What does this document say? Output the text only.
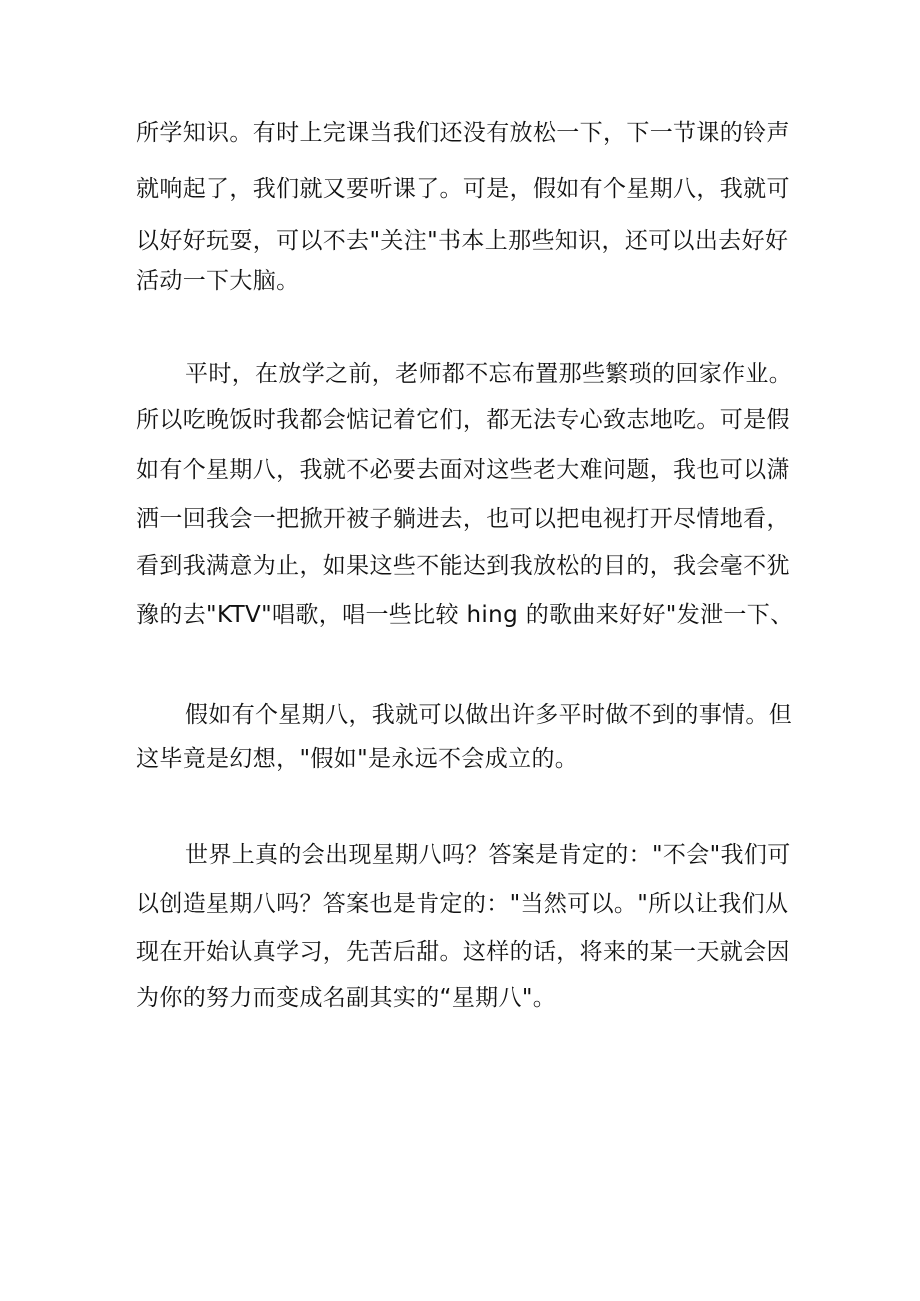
所学知识。有时上完课当我们还没有放松一下，下一节课的铃声
就响起了，我们就又要听课了。可是，假如有个星期八，我就可
以好好玩耍，可以不去"关注"书本上那些知识，还可以出去好好
活动一下大脑。
平时，在放学之前，老师都不忘布置那些繁琐的回家作业。
所以吃晚饭时我都会惦记着它们，都无法专心致志地吃。可是假
如有个星期八，我就不必要去面对这些老大难问题，我也可以潇
洒一回我会一把掀开被子躺进去，也可以把电视打开尽情地看，
看到我满意为止，如果这些不能达到我放松的目的，我会毫不犹
豫的去"KTV"唱歌，唱一些比较 hing 的歌曲来好好"发泄一下、
假如有个星期八，我就可以做出许多平时做不到的事情。但
这毕竟是幻想，"假如"是永远不会成立的。
世界上真的会出现星期八吗？答案是肯定的："不会"我们可
以创造星期八吗？答案也是肯定的："当然可以。"所以让我们从
现在开始认真学习，先苦后甜。这样的话，将来的某一天就会因
为你的努力而变成名副其实的“星期八"。
